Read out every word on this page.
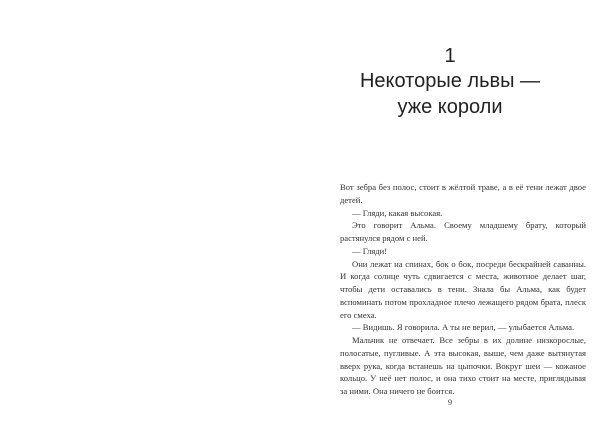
1
Некоторые львы —
уже короли

Вот зебра без полос, стоит в жёлтой траве, а в её тени лежат двое детей.

— Гляди, какая высокая.

Это говорит Альма. Своему младшему брату, который растянулся рядом с ней.

— Гляди!

Они лежат на спинах, бок о бок, посреди бескрайней саванны. И когда солнце чуть сдвигается с места, животное делает шаг, чтобы дети оставались в тени. Знала бы Альма, как будет вспоминать потом прохладное плечо лежащего рядом брата, плеск его смеха.

— Видишь. Я говорила. А ты не верил, — улыбается Альма.

Мальчик не отвечает. Все зебры в их долине низкорослые, полосатые, пугливые. А эта высокая, выше, чем даже вытянутая вверх рука, когда встанешь на цыпочки. Вокруг шеи — кожаное кольцо. У неё нет полос, и она тихо стоит на месте, приглядывая за ними. Она ничего не боится.

9
